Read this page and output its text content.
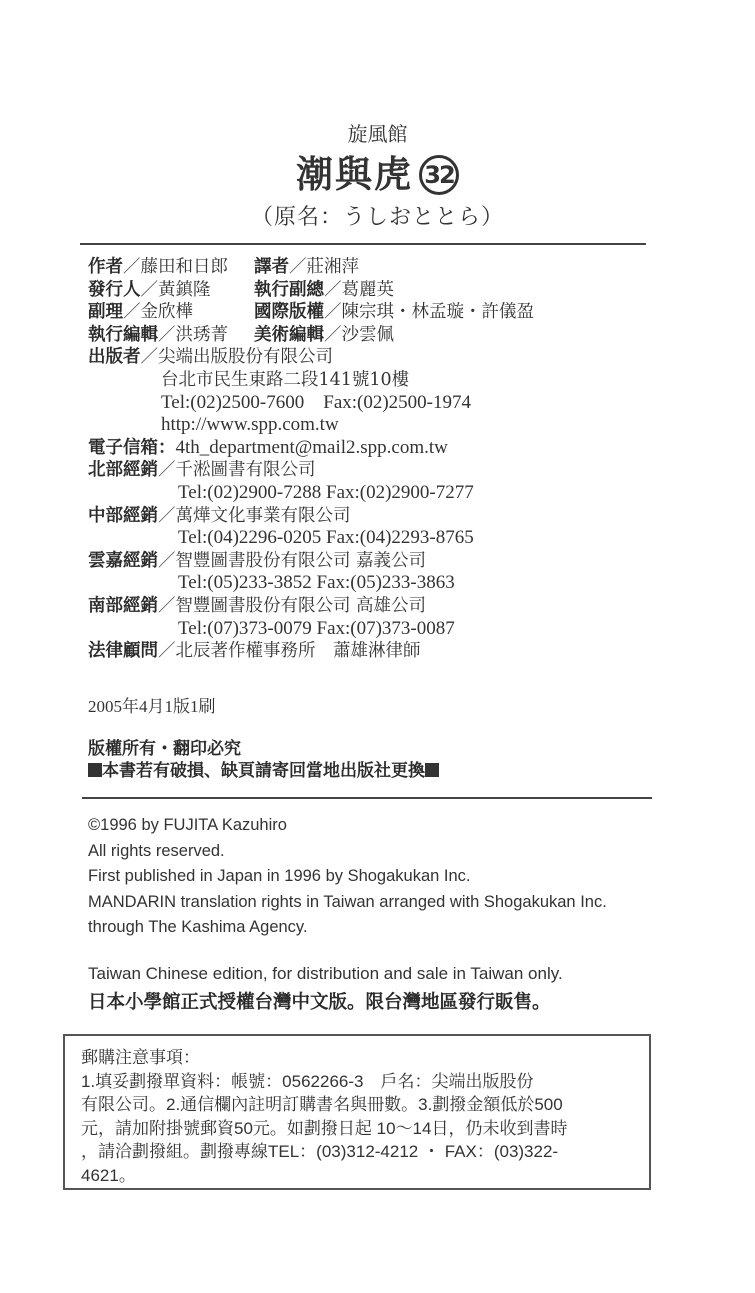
旋風館
潮與虎 32
（原名：うしおととら）
作者／藤田和日郎 譯者／莊湘萍
發行人／黃鎮隆 執行副總／葛麗英
副理／金欣樺	國際版權／陳宗琪・林孟璇・許儀盈
執行編輯／洪琇菁 美術編輯／沙雲佩
出版者／尖端出版股份有限公司
台北市民生東路二段141號10樓
Tel:(02)2500-7600　Fax:(02)2500-1974
http://www.spp.com.tw
電子信箱：4th_department@mail2.spp.com.tw
北部經銷／千淞圖書有限公司
Tel:(02)2900-7288 Fax:(02)2900-7277
中部經銷／萬燁文化事業有限公司
Tel:(04)2296-0205 Fax:(04)2293-8765
雲嘉經銷／智豐圖書股份有限公司 嘉義公司
Tel:(05)233-3852 Fax:(05)233-3863
南部經銷／智豐圖書股份有限公司 高雄公司
Tel:(07)373-0079 Fax:(07)373-0087
法律顧問／北辰著作權事務所　蕭雄淋律師
2005年4月1版1刷
版權所有・翻印必究
本書若有破損、缺頁請寄回當地出版社更換
©1996 by FUJITA Kazuhiro
All rights reserved.
First published in Japan in 1996 by Shogakukan Inc.
MANDARIN translation rights in Taiwan arranged with Shogakukan Inc.
through The Kashima Agency.
Taiwan Chinese edition, for distribution and sale in Taiwan only.
日本小學館正式授權台灣中文版。限台灣地區發行販售。
郵購注意事項：
1.填妥劃撥單資料：帳號：0562266-3　戶名：尖端出版股份
有限公司。2.通信欄內註明訂購書名與冊數。3.劃撥金額低於500
元，請加附掛號郵資50元。如劃撥日起 10～14日，仍未收到書時
，請洽劃撥組。劃撥專線TEL：(03)312-4212 ・ FAX：(03)322-
4621。
